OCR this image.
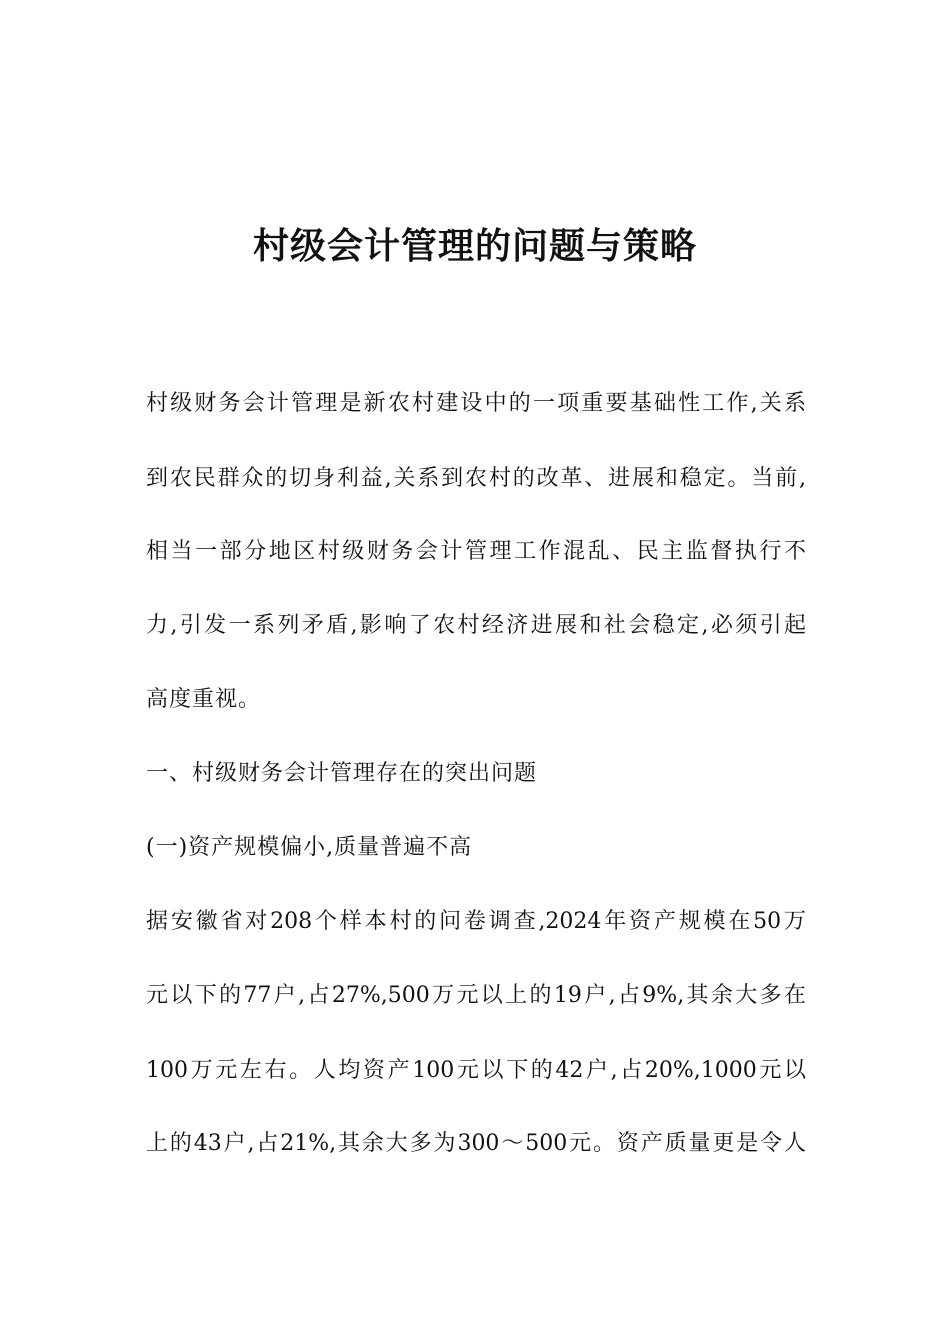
村级会计管理的问题与策略

村级财务会计管理是新农村建设中的一项重要基础性工作,关系

到农民群众的切身利益,关系到农村的改革、进展和稳定。当前,

相当一部分地区村级财务会计管理工作混乱、民主监督执行不

力,引发一系列矛盾,影响了农村经济进展和社会稳定,必须引起

高度重视。

一、村级财务会计管理存在的突出问题

(一)资产规模偏小,质量普遍不高

据安徽省对208个样本村的问卷调查,2024年资产规模在50万

元以下的77户,占27%,500万元以上的19户,占9%,其余大多在

100万元左右。人均资产100元以下的42户,占20%,1000元以

上的43户,占21%,其余大多为300～500元。资产质量更是令人
